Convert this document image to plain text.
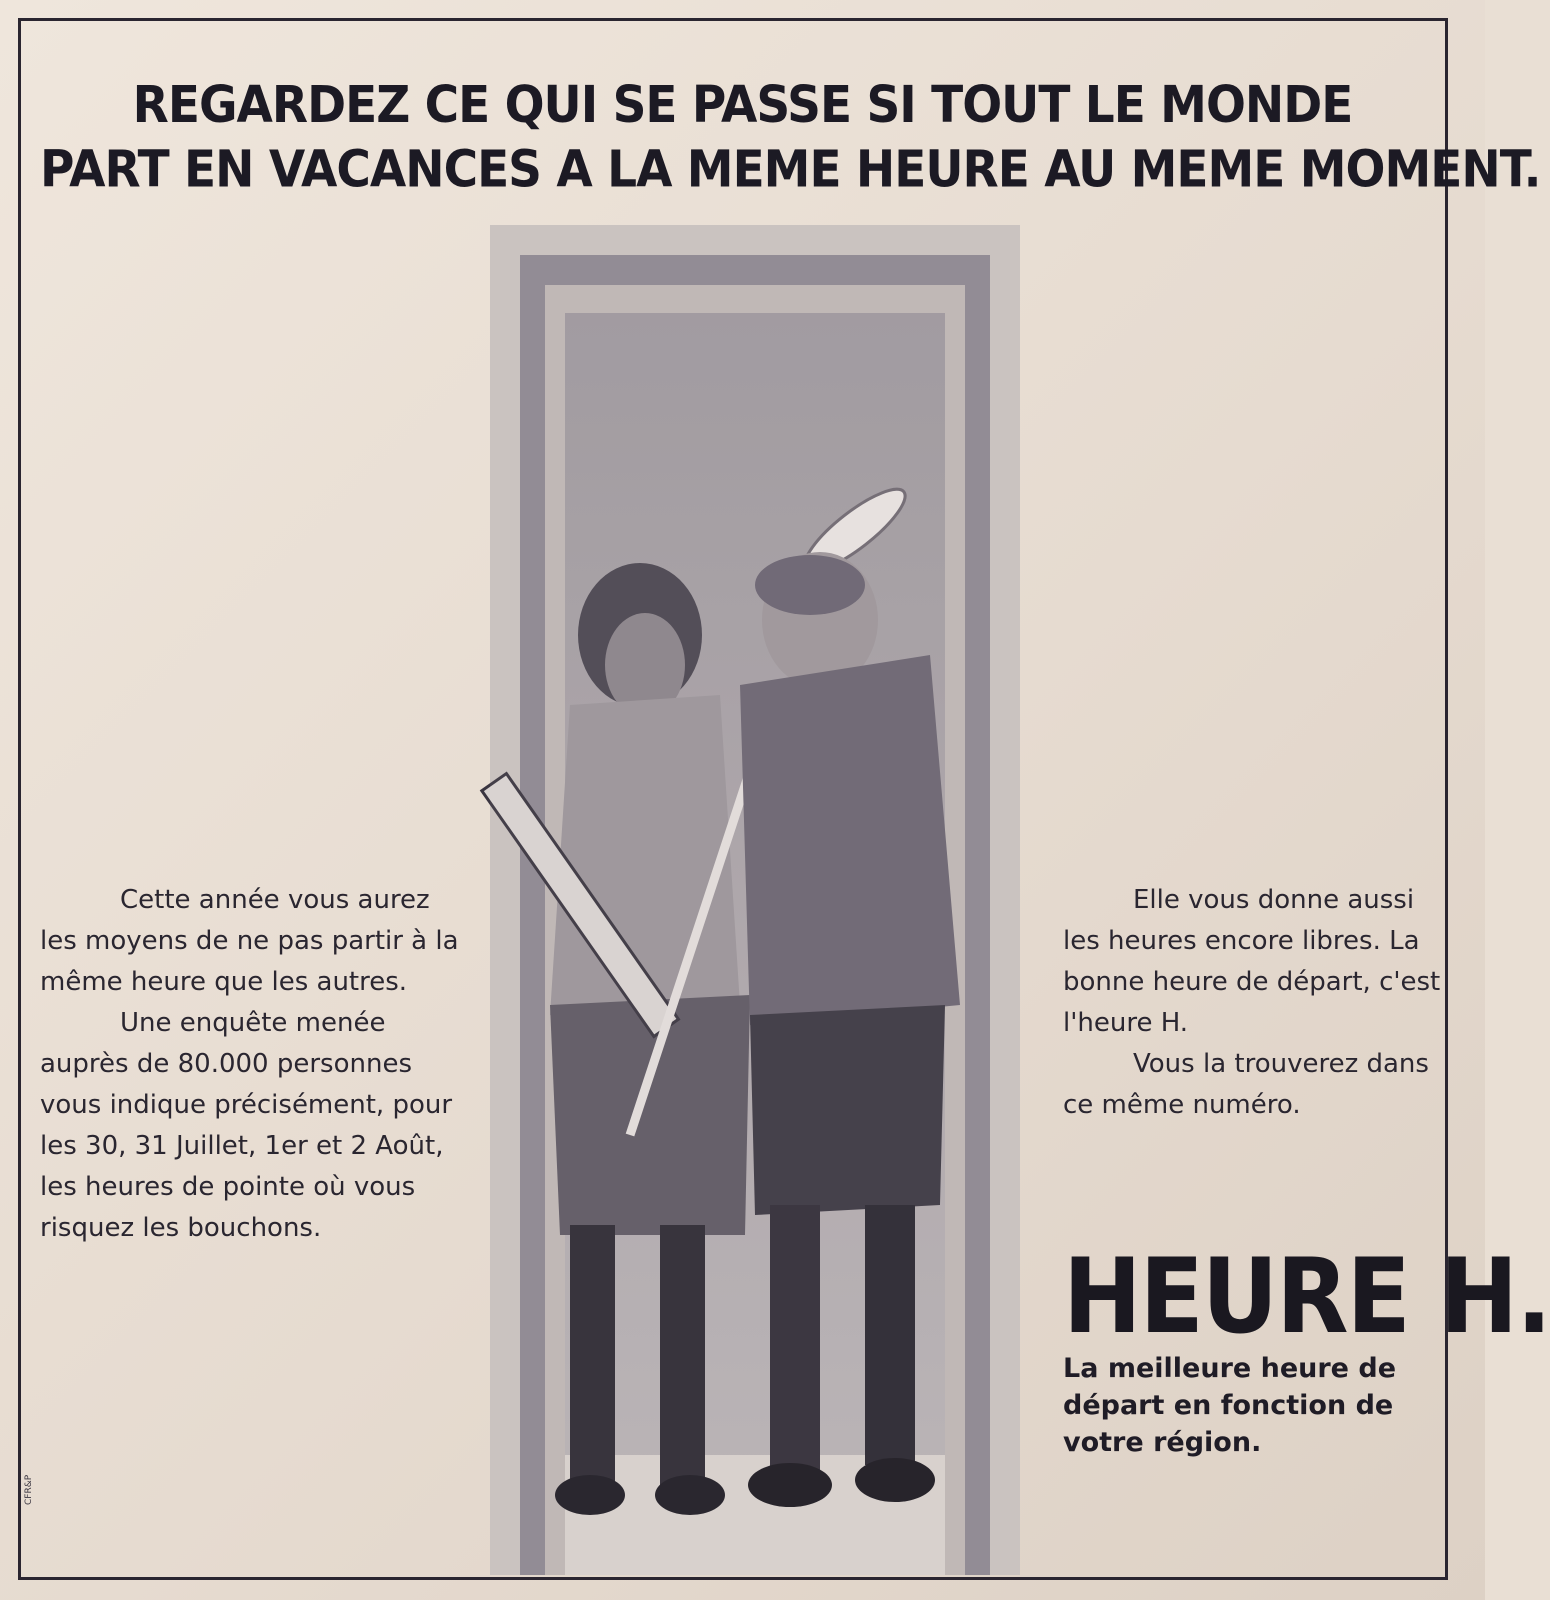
REGARDEZ CE QUI SE PASSE SI TOUT LE MONDE
PART EN VACANCES A LA MEME HEURE AU MEME MOMENT.

Cette année vous aurez les moyens de ne pas partir à la même heure que les autres.

Une enquête menée auprès de 80.000 personnes vous indique précisément, pour les 30, 31 Juillet, 1er et 2 Août, les heures de pointe où vous risquez les bouchons.

Elle vous donne aussi les heures encore libres. La bonne heure de départ, c'est l'heure H.

Vous la trouverez dans ce même numéro.

HEURE H.
La meilleure heure de départ en fonction de votre région.
CFR&P
